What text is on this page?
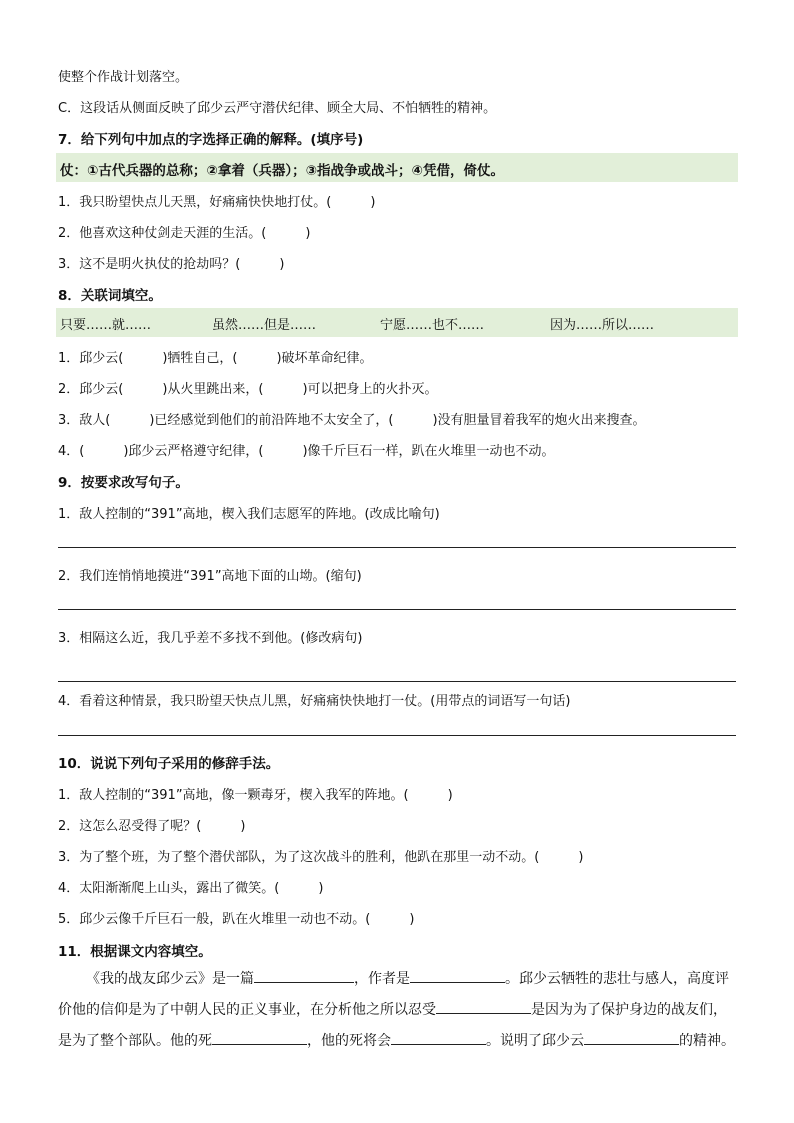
使整个作战计划落空。
C．这段话从侧面反映了邱少云严守潜伏纪律、顾全大局、不怕牺牲的精神。
7．给下列句中加点的字选择正确的解释。(填序号)
仗：①古代兵器的总称；②拿着（兵器）；③指战争或战斗；④凭借，倚仗。
1．我只盼望快点儿天黑，好痛痛快快地打仗。(　　　)
2．他喜欢这种仗剑走天涯的生活。(　　　)
3．这不是明火执仗的抢劫吗？(　　　)
8．关联词填空。
只要……就……	虽然……但是……	宁愿……也不……	因为……所以……
1．邱少云(　　　)牺牲自己，(　　　)破坏革命纪律。
2．邱少云(　　　)从火里跳出来，(　　　)可以把身上的火扑灭。
3．敌人(　　　)已经感觉到他们的前沿阵地不太安全了，(　　　)没有胆量冒着我军的炮火出来搜查。
4．(　　　)邱少云严格遵守纪律，(　　　)像千斤巨石一样，趴在火堆里一动也不动。
9．按要求改写句子。
1．敌人控制的“391”高地，楔入我们志愿军的阵地。(改成比喻句)
2．我们连悄悄地摸进“391”高地下面的山坳。(缩句)
3．相隔这么近，我几乎差不多找不到他。(修改病句)
4．看着这种情景，我只盼望天快点儿黑，好痛痛快快地打一仗。(用带点的词语写一句话)
10．说说下列句子采用的修辞手法。
1．敌人控制的“391”高地，像一颗毒牙，楔入我军的阵地。(　　　)
2．这怎么忍受得了呢？(　　　)
3．为了整个班，为了整个潜伏部队，为了这次战斗的胜利，他趴在那里一动不动。(　　　)
4．太阳渐渐爬上山头，露出了微笑。(　　　)
5．邱少云像千斤巨石一般，趴在火堆里一动也不动。(　　　)
11．根据课文内容填空。
《我的战友邱少云》是一篇	，作者是	。邱少云牺牲的悲壮与感人，高度评价他的信仰是为了中朝人民的正义事业，在分析他之所以忍受	是因为为了保护身边的战友们，是为了整个部队。他的死	，他的死将会	。说明了邱少云	的精神。
